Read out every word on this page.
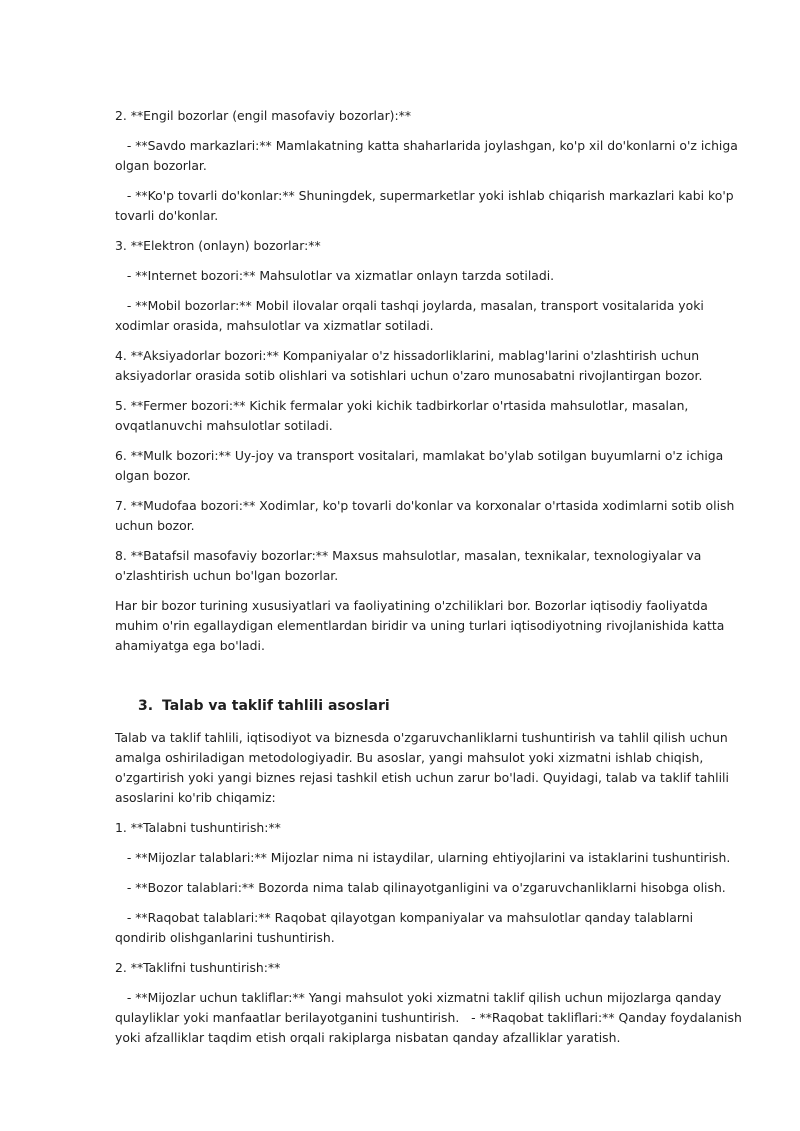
2. **Engil bozorlar (engil masofaviy bozorlar):**

- **Savdo markazlari:** Mamlakatning katta shaharlarida joylashgan, ko'p xil do'konlarni o'z ichiga olgan bozorlar.

- **Ko'p tovarli do'konlar:** Shuningdek, supermarketlar yoki ishlab chiqarish markazlari kabi ko'p tovarli do'konlar.

3. **Elektron (onlayn) bozorlar:**

- **Internet bozori:** Mahsulotlar va xizmatlar onlayn tarzda sotiladi.

- **Mobil bozorlar:** Mobil ilovalar orqali tashqi joylarda, masalan, transport vositalarida yoki xodimlar orasida, mahsulotlar va xizmatlar sotiladi.

4. **Aksiyadorlar bozori:** Kompaniyalar o'z hissadorliklarini, mablag'larini o'zlashtirish uchun aksiyadorlar orasida sotib olishlari va sotishlari uchun o'zaro munosabatni rivojlantirgan bozor.

5. **Fermer bozori:** Kichik fermalar yoki kichik tadbirkorlar o'rtasida mahsulotlar, masalan, ovqatlanuvchi mahsulotlar sotiladi.

6. **Mulk bozori:** Uy-joy va transport vositalari, mamlakat bo'ylab sotilgan buyumlarni o'z ichiga olgan bozor.

7. **Mudofaa bozori:** Xodimlar, ko'p tovarli do'konlar va korxonalar o'rtasida xodimlarni sotib olish uchun bozor.

8. **Batafsil masofaviy bozorlar:** Maxsus mahsulotlar, masalan, texnikalar, texnologiyalar va o'zlashtirish uchun bo'lgan bozorlar.

Har bir bozor turining xususiyatlari va faoliyatining o'zchiliklari bor. Bozorlar iqtisodiy faoliyatda muhim o'rin egallaydigan elementlardan biridir va uning turlari iqtisodiyotning rivojlanishida katta ahamiyatga ega bo'ladi.

3. Talab va taklif tahlili asoslari

Talab va taklif tahlili, iqtisodiyot va biznesda o'zgaruvchanliklarni tushuntirish va tahlil qilish uchun amalga oshiriladigan metodologiyadir. Bu asoslar, yangi mahsulot yoki xizmatni ishlab chiqish, o'zgartirish yoki yangi biznes rejasi tashkil etish uchun zarur bo'ladi. Quyidagi, talab va taklif tahlili asoslarini ko'rib chiqamiz:

1. **Talabni tushuntirish:**

- **Mijozlar talablari:** Mijozlar nima ni istaydilar, ularning ehtiyojlarini va istaklarini tushuntirish.

- **Bozor talablari:** Bozorda nima talab qilinayotganligini va o'zgaruvchanliklarni hisobga olish.

- **Raqobat talablari:** Raqobat qilayotgan kompaniyalar va mahsulotlar qanday talablarni qondirib olishganlarini tushuntirish.

2. **Taklifni tushuntirish:**

- **Mijozlar uchun takliflar:** Yangi mahsulot yoki xizmatni taklif qilish uchun mijozlarga qanday qulayliklar yoki manfaatlar berilayotganini tushuntirish.   - **Raqobat takliflari:** Qanday foydalanish yoki afzalliklar taqdim etish orqali rakiplarga nisbatan qanday afzalliklar yaratish.
